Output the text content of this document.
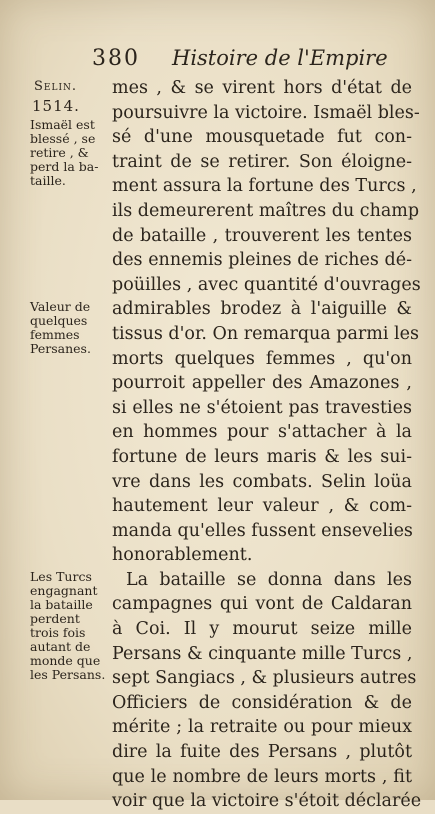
380 Histoire de l'Empire
Selin.
1514.
Ismaël est
blessé , se
retire , &
perd la ba-
taille.
Valeur de
quelques
femmes
Persanes.
Les Turcs
engagnant
la bataille
perdent
trois fois
autant de
monde que
les Persans.
mes , & se virent hors d'état de
poursuivre la victoire. Ismaël bles-
sé d'une mousquetade fut con-
traint de se retirer. Son éloigne-
ment assura la fortune des Turcs ,
ils demeurerent maîtres du champ
de bataille , trouverent les tentes
des ennemis pleines de riches dé-
poüilles , avec quantité d'ouvrages
admirables brodez à l'aiguille &
tissus d'or. On remarqua parmi les
morts quelques femmes , qu'on
pourroit appeller des Amazones ,
si elles ne s'étoient pas travesties
en hommes pour s'attacher à la
fortune de leurs maris & les sui-
vre dans les combats. Selin loüa
hautement leur valeur , & com-
manda qu'elles fussent ensevelies
honorablement.
La bataille se donna dans les
campagnes qui vont de Caldaran
à Coi. Il y mourut seize mille
Persans & cinquante mille Turcs ,
sept Sangiacs , & plusieurs autres
Officiers de considération & de
mérite ; la retraite ou pour mieux
dire la fuite des Persans , plutôt
que le nombre de leurs morts , fit
voir que la victoire s'étoit déclarée
